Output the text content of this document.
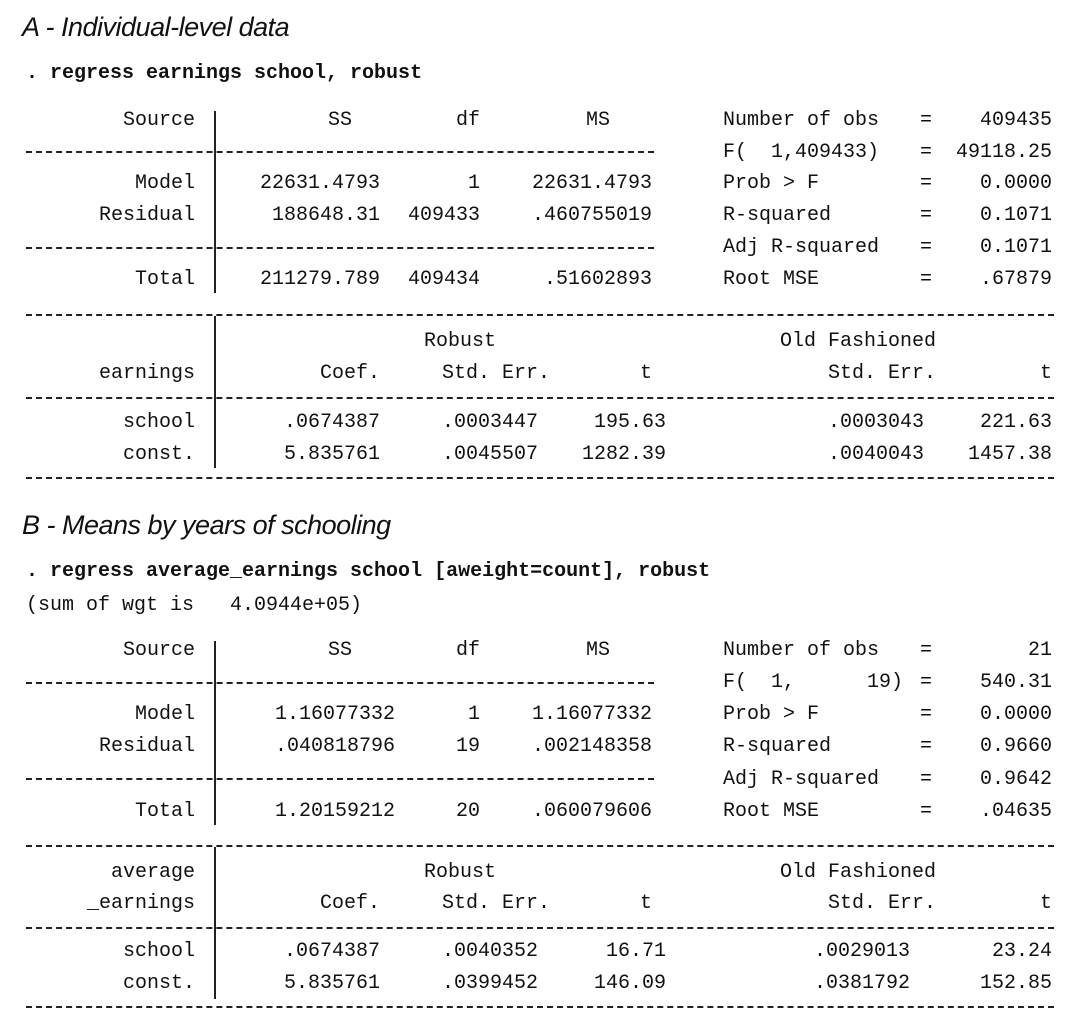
A - Individual-level data
. regress earnings school, robust
Source	SS	df	MS
Model	22631.4793	1	22631.4793
Residual	188648.31	409433	.460755019
Total	211279.789	409434	.51602893
Number of obs =	409435
F(  1,409433) =	49118.25
Prob > F	=	0.0000
R-squared	=	0.1071
Adj R-squared =	0.1071
Root MSE	=	.67879
Robust	Old Fashioned
earnings	Coef.	Std. Err.	t	Std. Err.	t
school	.0674387	.0003447	195.63	.0003043	221.63
const.	5.835761	.0045507	1282.39	.0040043	1457.38
B - Means by years of schooling
. regress average_earnings school [aweight=count], robust
(sum of wgt is   4.0944e+05)
Source	SS	df	MS
Model	1.16077332	1	1.16077332
Residual	.040818796	19	.002148358
Total	1.20159212	20	.060079606
Number of obs =	21
F(  1,      19) =	540.31
Prob > F	=	0.0000
R-squared	=	0.9660
Adj R-squared =	0.9642
Root MSE	=	.04635
average	Robust	Old Fashioned
_earnings	Coef.	Std. Err.	t	Std. Err.	t
school	.0674387	.0040352	16.71	.0029013	23.24
const.	5.835761	.0399452	146.09	.0381792	152.85
